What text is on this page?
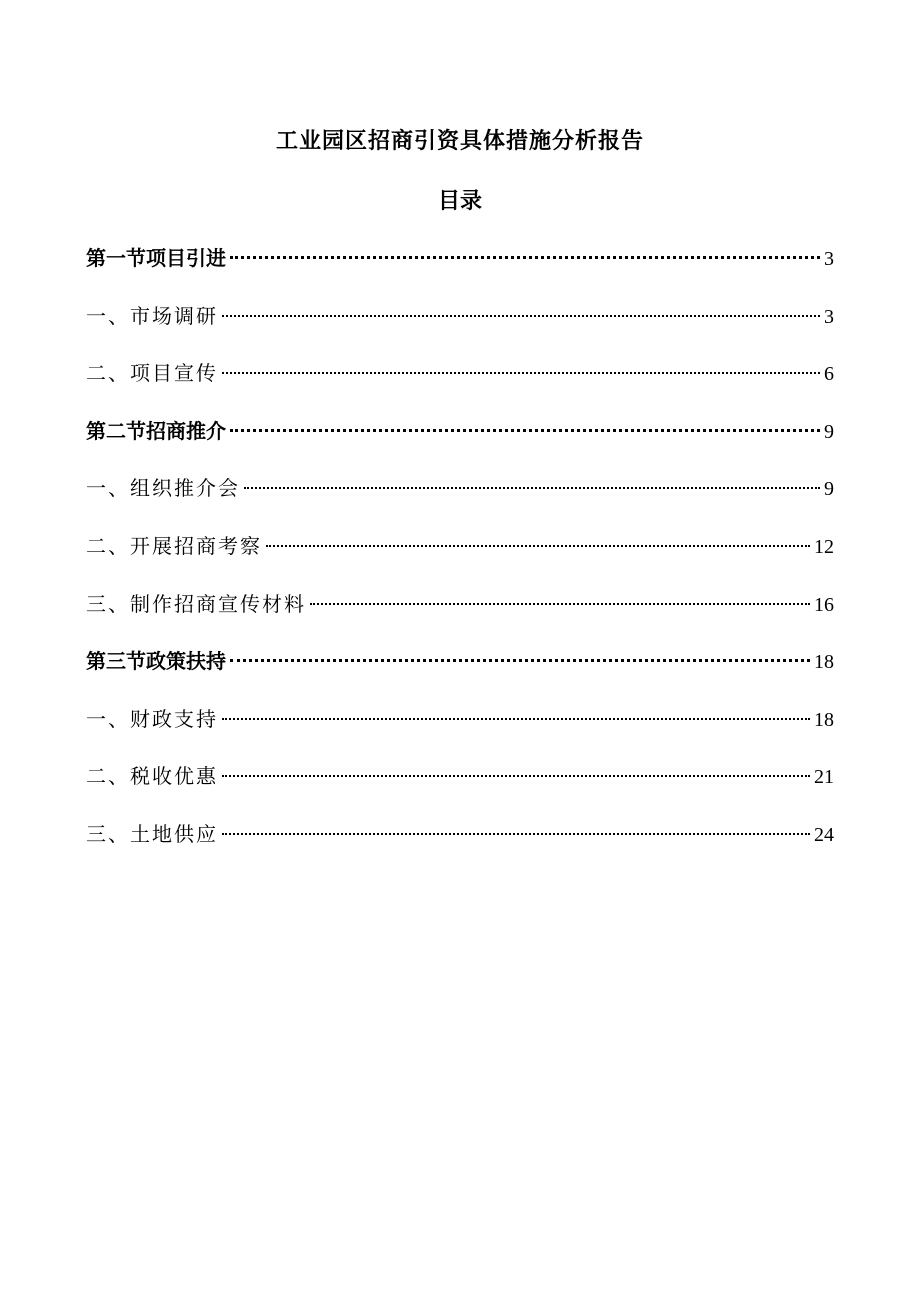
工业园区招商引资具体措施分析报告
目录
第一节项目引进	3
一、市场调研	3
二、项目宣传	6
第二节招商推介	9
一、组织推介会	9
二、开展招商考察	12
三、制作招商宣传材料	16
第三节政策扶持	18
一、财政支持	18
二、税收优惠	21
三、土地供应	24
